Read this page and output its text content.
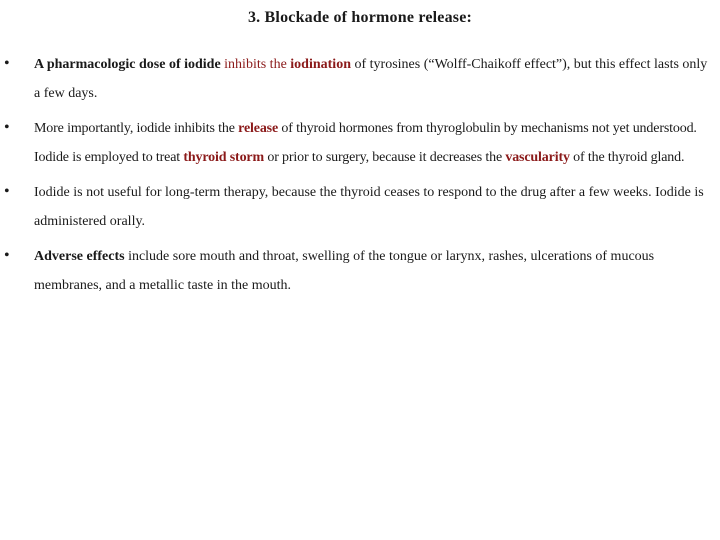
3. Blockade of hormone release:
• A pharmacologic dose of iodide inhibits the iodination of tyrosines (“Wolff-Chaikoff effect”), but this effect lasts only a few days.
• More importantly, iodide inhibits the release of thyroid hormones from thyroglobulin by mechanisms not yet understood. Iodide is employed to treat thyroid storm or prior to surgery, because it decreases the vascularity of the thyroid gland.
• Iodide is not useful for long-term therapy, because the thyroid ceases to respond to the drug after a few weeks. Iodide is administered orally.
• Adverse effects include sore mouth and throat, swelling of the tongue or larynx, rashes, ulcerations of mucous membranes, and a metallic taste in the mouth.
